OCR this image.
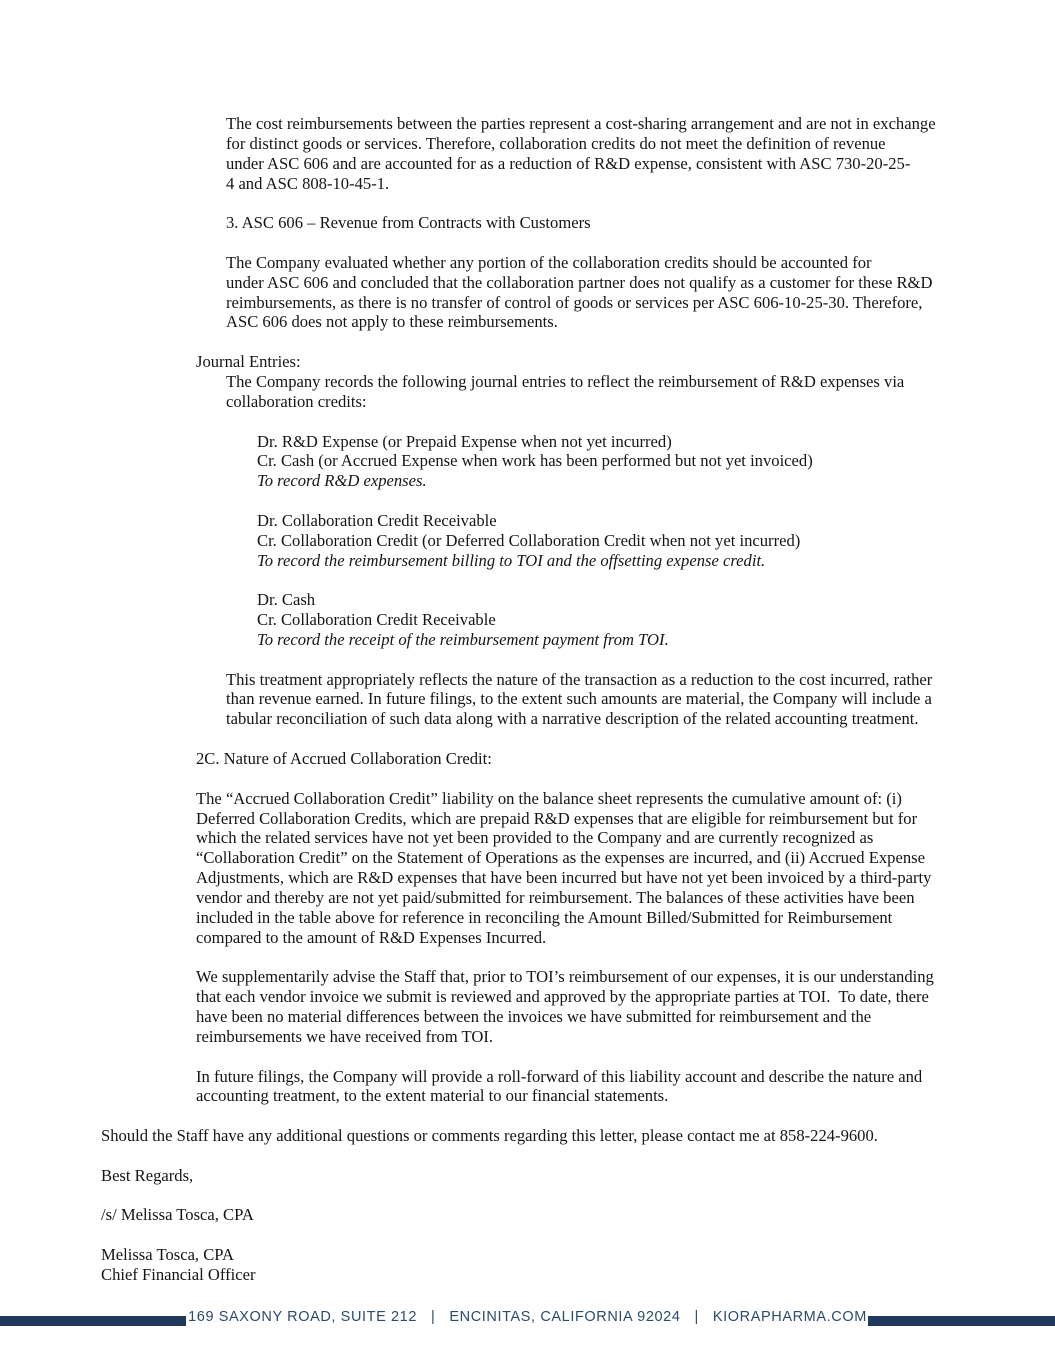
The cost reimbursements between the parties represent a cost-sharing arrangement and are not in exchange
for distinct goods or services. Therefore, collaboration credits do not meet the definition of revenue
under ASC 606 and are accounted for as a reduction of R&D expense, consistent with ASC 730-20-25-
4 and ASC 808-10-45-1.
3. ASC 606 – Revenue from Contracts with Customers
The Company evaluated whether any portion of the collaboration credits should be accounted for
under ASC 606 and concluded that the collaboration partner does not qualify as a customer for these R&D
reimbursements, as there is no transfer of control of goods or services per ASC 606-10-25-30. Therefore,
ASC 606 does not apply to these reimbursements.
Journal Entries:
The Company records the following journal entries to reflect the reimbursement of R&D expenses via
collaboration credits:
Dr. R&D Expense (or Prepaid Expense when not yet incurred)
Cr. Cash (or Accrued Expense when work has been performed but not yet invoiced)
To record R&D expenses.
Dr. Collaboration Credit Receivable
Cr. Collaboration Credit (or Deferred Collaboration Credit when not yet incurred)
To record the reimbursement billing to TOI and the offsetting expense credit.
Dr. Cash
Cr. Collaboration Credit Receivable
To record the receipt of the reimbursement payment from TOI.
This treatment appropriately reflects the nature of the transaction as a reduction to the cost incurred, rather
than revenue earned. In future filings, to the extent such amounts are material, the Company will include a
tabular reconciliation of such data along with a narrative description of the related accounting treatment.
2C. Nature of Accrued Collaboration Credit:
The “Accrued Collaboration Credit” liability on the balance sheet represents the cumulative amount of: (i)
Deferred Collaboration Credits, which are prepaid R&D expenses that are eligible for reimbursement but for
which the related services have not yet been provided to the Company and are currently recognized as
“Collaboration Credit” on the Statement of Operations as the expenses are incurred, and (ii) Accrued Expense
Adjustments, which are R&D expenses that have been incurred but have not yet been invoiced by a third-party
vendor and thereby are not yet paid/submitted for reimbursement. The balances of these activities have been
included in the table above for reference in reconciling the Amount Billed/Submitted for Reimbursement
compared to the amount of R&D Expenses Incurred.
We supplementarily advise the Staff that, prior to TOI’s reimbursement of our expenses, it is our understanding
that each vendor invoice we submit is reviewed and approved by the appropriate parties at TOI.  To date, there
have been no material differences between the invoices we have submitted for reimbursement and the
reimbursements we have received from TOI.
In future filings, the Company will provide a roll-forward of this liability account and describe the nature and
accounting treatment, to the extent material to our financial statements.
Should the Staff have any additional questions or comments regarding this letter, please contact me at 858-224-9600.
Best Regards,
/s/ Melissa Tosca, CPA
Melissa Tosca, CPA
Chief Financial Officer
169 SAXONY ROAD, SUITE 212 | ENCINITAS, CALIFORNIA 92024 | KIORAPHARMA.COM
